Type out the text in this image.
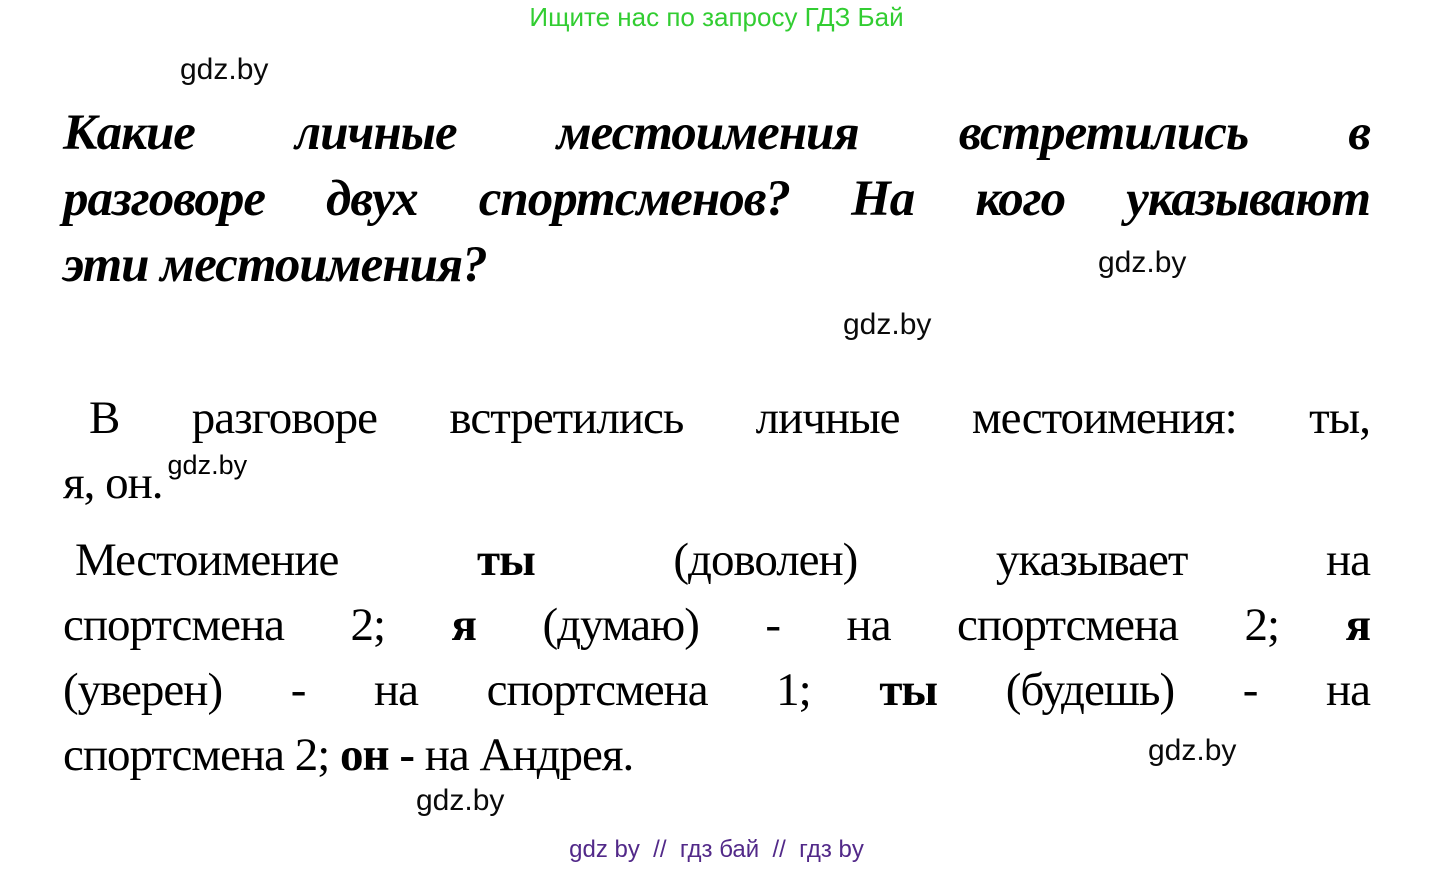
Ищите нас по запросу ГДЗ Бай
gdz.by
Какие личные местоимения встретились в
разговоре двух спортсменов? На кого указывают
эти местоимения?	gdz.by
gdz.by
В разговоре встретились личные местоимения: ты,
я, он. $^{gdz.by}$
Местоимение ты (доволен) указывает на
спортсмена 2; я (думаю) - на спортсмена 2; я
(уверен) - на спортсмена 1; ты (будешь) - на
спортсмена 2; он - на Андрея.	gdz.by
gdz.by
gdz by  //  гдз бай  //  гдз by
